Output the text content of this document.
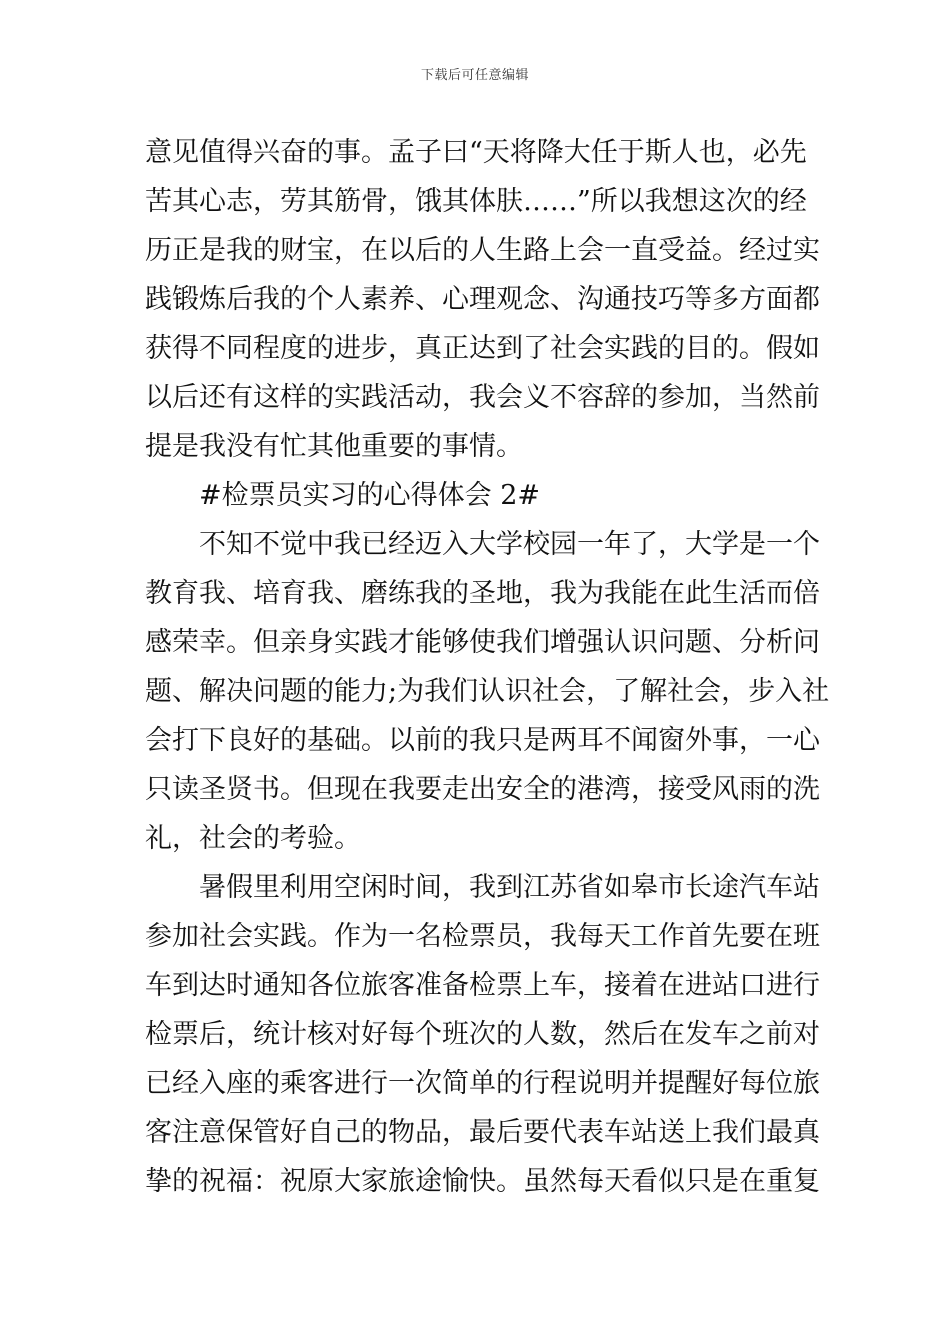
下载后可任意编辑
意见值得兴奋的事。孟子曰“天将降大任于斯人也，必先
苦其心志，劳其筋骨，饿其体肤……”所以我想这次的经
历正是我的财宝，在以后的人生路上会一直受益。经过实
践锻炼后我的个人素养、心理观念、沟通技巧等多方面都
获得不同程度的进步，真正达到了社会实践的目的。假如
以后还有这样的实践活动，我会义不容辞的参加，当然前
提是我没有忙其他重要的事情。
#检票员实习的心得体会 2#
不知不觉中我已经迈入大学校园一年了，大学是一个
教育我、培育我、磨练我的圣地，我为我能在此生活而倍
感荣幸。但亲身实践才能够使我们增强认识问题、分析问
题、解决问题的能力;为我们认识社会，了解社会，步入社
会打下良好的基础。以前的我只是两耳不闻窗外事，一心
只读圣贤书。但现在我要走出安全的港湾，接受风雨的洗
礼，社会的考验。
暑假里利用空闲时间，我到江苏省如皋市长途汽车站
参加社会实践。作为一名检票员，我每天工作首先要在班
车到达时通知各位旅客准备检票上车，接着在进站口进行
检票后，统计核对好每个班次的人数，然后在发车之前对
已经入座的乘客进行一次简单的行程说明并提醒好每位旅
客注意保管好自己的物品，最后要代表车站送上我们最真
挚的祝福：祝原大家旅途愉快。虽然每天看似只是在重复
